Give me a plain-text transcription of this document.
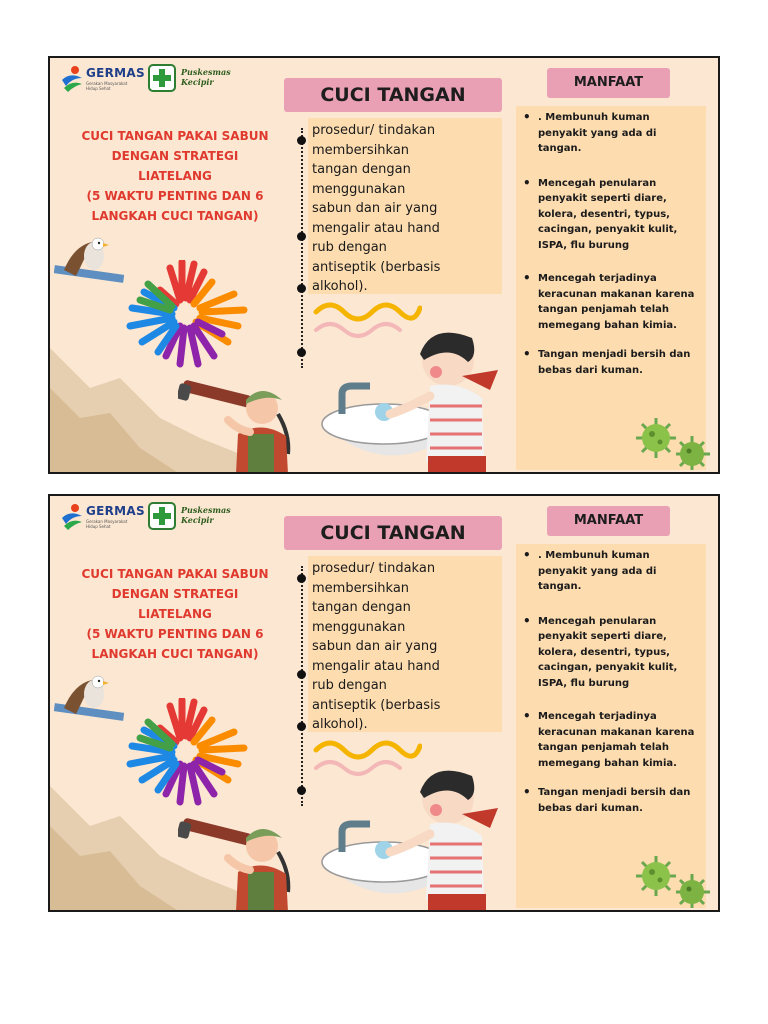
GERMAS
Gerakan Masyarakat Hidup Sehat
Puskesmas Kecipir
CUCI TANGAN
MANFAAT
CUCI TANGAN PAKAI SABUN
DENGAN STRATEGI
LIATELANG
(5 WAKTU PENTING DAN 6
LANGKAH CUCI TANGAN)
prosedur/ tindakan
membersihkan
tangan dengan
menggunakan
sabun dan air yang
mengalir atau hand
rub dengan
antiseptik (berbasis
alkohol).
• . Membunuh kuman penyakit yang ada di tangan.
• Mencegah penularan penyakit seperti diare, kolera, desentri, typus, cacingan, penyakit kulit, ISPA, flu burung
• Mencegah terjadinya keracunan makanan karena tangan penjamah telah memegang bahan kimia.
• Tangan menjadi bersih dan bebas dari kuman.
GERMAS
Gerakan Masyarakat Hidup Sehat
Puskesmas Kecipir
CUCI TANGAN
MANFAAT
CUCI TANGAN PAKAI SABUN
DENGAN STRATEGI
LIATELANG
(5 WAKTU PENTING DAN 6
LANGKAH CUCI TANGAN)
prosedur/ tindakan
membersihkan
tangan dengan
menggunakan
sabun dan air yang
mengalir atau hand
rub dengan
antiseptik (berbasis
alkohol).
• . Membunuh kuman penyakit yang ada di tangan.
• Mencegah penularan penyakit seperti diare, kolera, desentri, typus, cacingan, penyakit kulit, ISPA, flu burung
• Mencegah terjadinya keracunan makanan karena tangan penjamah telah memegang bahan kimia.
• Tangan menjadi bersih dan bebas dari kuman.
